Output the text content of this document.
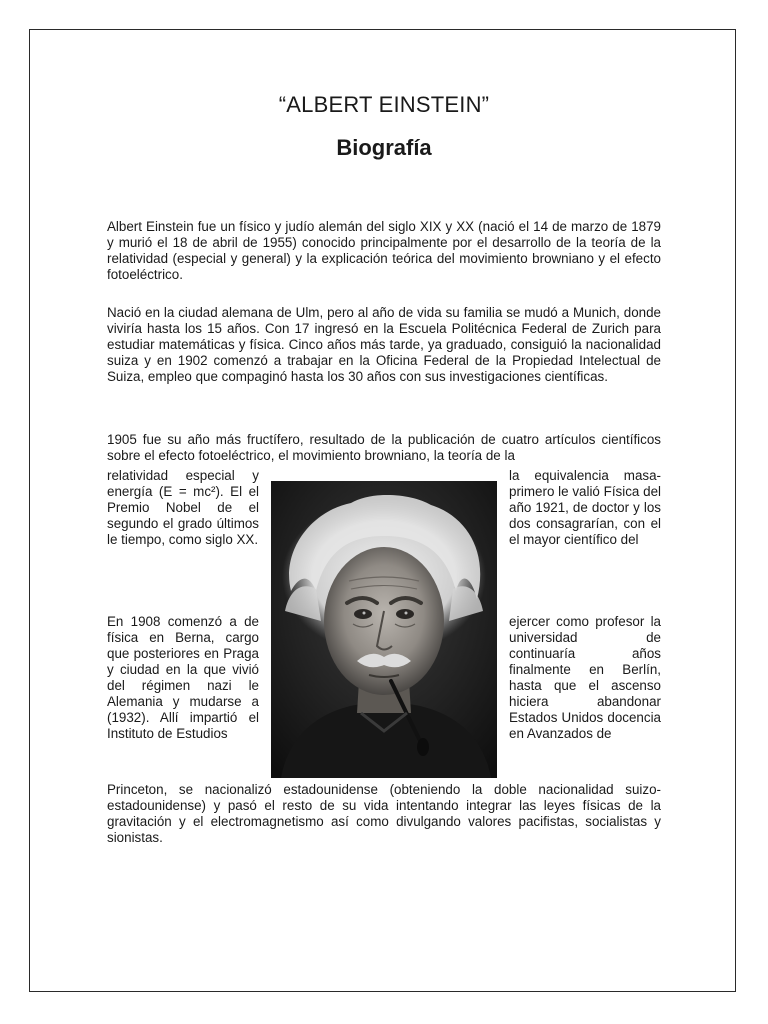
“ALBERT EINSTEIN”
Biografía

Albert Einstein fue un físico y judío alemán del siglo XIX y XX (nació el 14 de marzo de 1879 y murió el 18 de abril de 1955) conocido principalmente por el desarrollo de la teoría de la relatividad (especial y general) y la explicación teórica del movimiento browniano y el efecto fotoeléctrico.

Nació en la ciudad alemana de Ulm, pero al año de vida su familia se mudó a Munich, donde viviría hasta los 15 años. Con 17 ingresó en la Escuela Politécnica Federal de Zurich para estudiar matemáticas y física. Cinco años más tarde, ya graduado, consiguió la nacionalidad suiza y en 1902 comenzó a trabajar en la Oficina Federal de la Propiedad Intelectual de Suiza, empleo que compaginó hasta los 30 años con sus investigaciones científicas.

1905 fue su año más fructífero, resultado de la publicación de cuatro artículos científicos sobre el efecto fotoeléctrico, el movimiento browniano, la teoría de la

relatividad especial y energía (E = mc²). El el Premio Nobel de el segundo el grado últimos le tiempo, como siglo XX.

la equivalencia masa-primero le valió Física del año 1921, de doctor y los dos consagrarían, con el el mayor científico del

En 1908 comenzó a de física en Berna, cargo que posteriores en Praga y ciudad en la que vivió del régimen nazi le Alemania y mudarse a (1932). Allí impartió el Instituto de Estudios

ejercer como profesor la universidad de continuaría años finalmente en Berlín, hasta que el ascenso hiciera abandonar Estados Unidos docencia en Avanzados de

Princeton, se nacionalizó estadounidense (obteniendo la doble nacionalidad suizo-estadounidense) y pasó el resto de su vida intentando integrar las leyes físicas de la gravitación y el electromagnetismo así como divulgando valores pacifistas, socialistas y sionistas.
